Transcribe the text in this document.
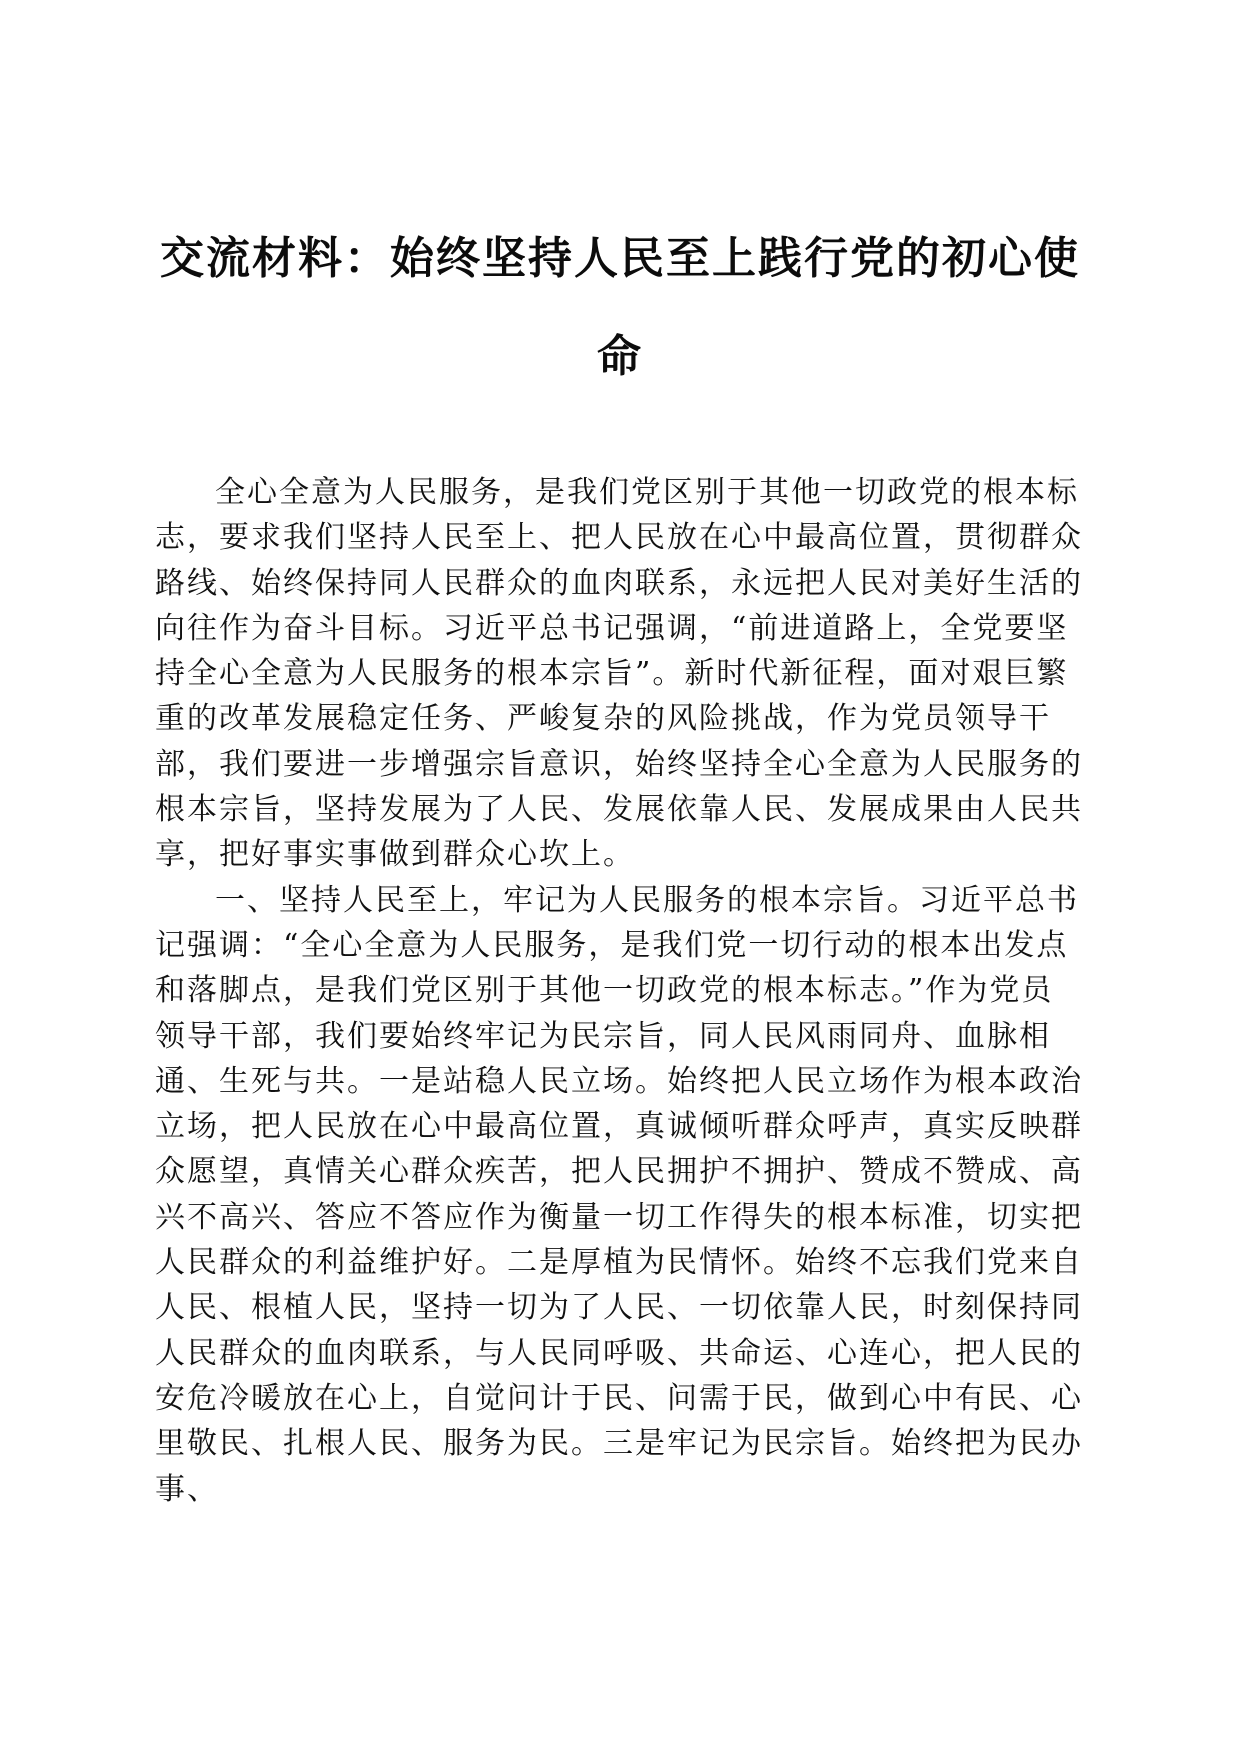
交流材料：始终坚持人民至上践行党的初心使
命

全心全意为人民服务，是我们党区别于其他一切政党的根本标志，要求我们坚持人民至上、把人民放在心中最高位置，贯彻群众路线、始终保持同人民群众的血肉联系，永远把人民对美好生活的向往作为奋斗目标。习近平总书记强调，“前进道路上，全党要坚持全心全意为人民服务的根本宗旨”。新时代新征程，面对艰巨繁重的改革发展稳定任务、严峻复杂的风险挑战，作为党员领导干部，我们要进一步增强宗旨意识，始终坚持全心全意为人民服务的根本宗旨，坚持发展为了人民、发展依靠人民、发展成果由人民共享，把好事实事做到群众心坎上。

一、坚持人民至上，牢记为人民服务的根本宗旨。习近平总书记强调：“全心全意为人民服务，是我们党一切行动的根本出发点和落脚点，是我们党区别于其他一切政党的根本标志。”作为党员领导干部，我们要始终牢记为民宗旨，同人民风雨同舟、血脉相通、生死与共。一是站稳人民立场。始终把人民立场作为根本政治立场，把人民放在心中最高位置，真诚倾听群众呼声，真实反映群众愿望，真情关心群众疾苦，把人民拥护不拥护、赞成不赞成、高兴不高兴、答应不答应作为衡量一切工作得失的根本标准，切实把人民群众的利益维护好。二是厚植为民情怀。始终不忘我们党来自人民、根植人民，坚持一切为了人民、一切依靠人民，时刻保持同人民群众的血肉联系，与人民同呼吸、共命运、心连心，把人民的安危冷暖放在心上，自觉问计于民、问需于民，做到心中有民、心里敬民、扎根人民、服务为民。三是牢记为民宗旨。始终把为民办事、
